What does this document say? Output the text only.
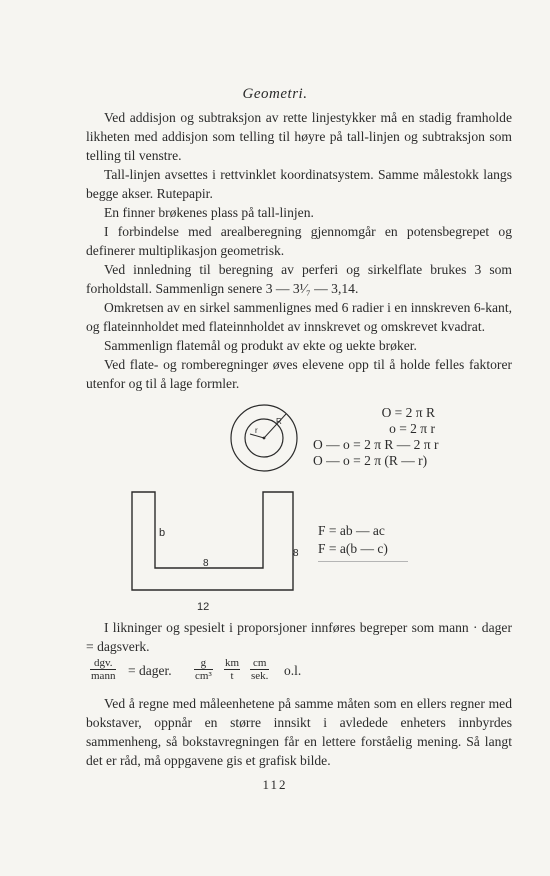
Geometri.

Ved addisjon og subtraksjon av rette linjestykker må en stadig framholde likheten med addisjon som telling til høyre på tall-linjen og subtraksjon som telling til venstre.

Tall-linjen avsettes i rettvinklet koordinatsystem. Samme målestokk langs begge akser. Rutepapir.

En finner brøkenes plass på tall-linjen.

I forbindelse med arealberegning gjennomgår en potensbegrepet og definerer multiplikasjon geometrisk.

Ved innledning til beregning av perferi og sirkelflate brukes 3 som forholdstall. Sammenlign senere 3 — 3¹⁄₇ — 3,14.

Omkretsen av en sirkel sammenlignes med 6 radier i en innskreven 6-kant, og flateinnholdet med flateinnholdet av innskrevet og omskrevet kvadrat.

Sammenlign flatemål og produkt av ekte og uekte brøker.

Ved flate- og romberegninger øves elevene opp til å holde felles faktorer utenfor og til å lage formler.

R
r
O = 2 π R
o = 2 π r
O — o = 2 π R — 2 π r
O — o = 2 π (R — r)
b
8
8
12
F = ab — ac
F = a(b — c)

I likninger og spesielt i proporsjoner innføres begreper som mann · dager = dagsverk.

dgv.
mann = dager. $\frac{g}{\text{cm³}} \frac{km}{t}$ cm
sek. o.l.

Ved å regne med måleenhetene på samme måten som en ellers regner med bokstaver, oppnår en større innsikt i avledede enheters innbyrdes sammenheng, så bokstavregningen får en lettere forståelig mening. Så langt det er råd, må oppgavene gis et grafisk bilde.

112
